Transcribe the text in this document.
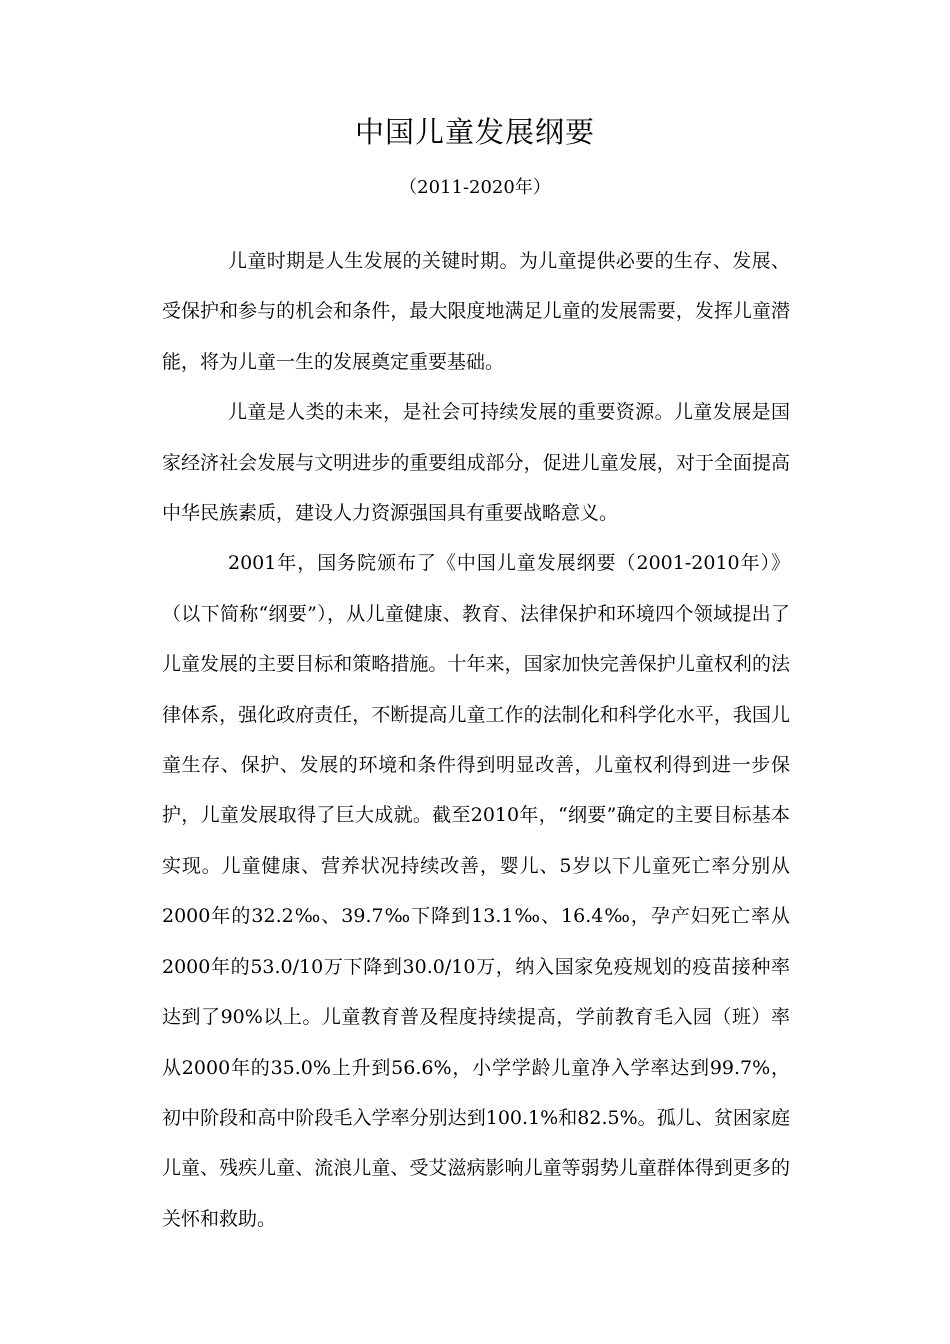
中国儿童发展纲要
（2011-2020年）

儿童时期是人生发展的关键时期。为儿童提供必要的生存、发展、受保护和参与的机会和条件，最大限度地满足儿童的发展需要，发挥儿童潜能，将为儿童一生的发展奠定重要基础。

儿童是人类的未来，是社会可持续发展的重要资源。儿童发展是国家经济社会发展与文明进步的重要组成部分，促进儿童发展，对于全面提高中华民族素质，建设人力资源强国具有重要战略意义。

2001年，国务院颁布了《中国儿童发展纲要（2001-2010年）》（以下简称“纲要”），从儿童健康、教育、法律保护和环境四个领域提出了儿童发展的主要目标和策略措施。十年来，国家加快完善保护儿童权利的法律体系，强化政府责任，不断提高儿童工作的法制化和科学化水平，我国儿童生存、保护、发展的环境和条件得到明显改善，儿童权利得到进一步保护，儿童发展取得了巨大成就。截至2010年，“纲要”确定的主要目标基本实现。儿童健康、营养状况持续改善，婴儿、5岁以下儿童死亡率分别从2000年的32.2‰、39.7‰下降到13.1‰、16.4‰，孕产妇死亡率从2000年的53.0/10万下降到30.0/10万，纳入国家免疫规划的疫苗接种率达到了90%以上。儿童教育普及程度持续提高，学前教育毛入园（班）率从2000年的35.0%上升到56.6%，小学学龄儿童净入学率达到99.7%，初中阶段和高中阶段毛入学率分别达到100.1%和82.5%。孤儿、贫困家庭儿童、残疾儿童、流浪儿童、受艾滋病影响儿童等弱势儿童群体得到更多的关怀和救助。
